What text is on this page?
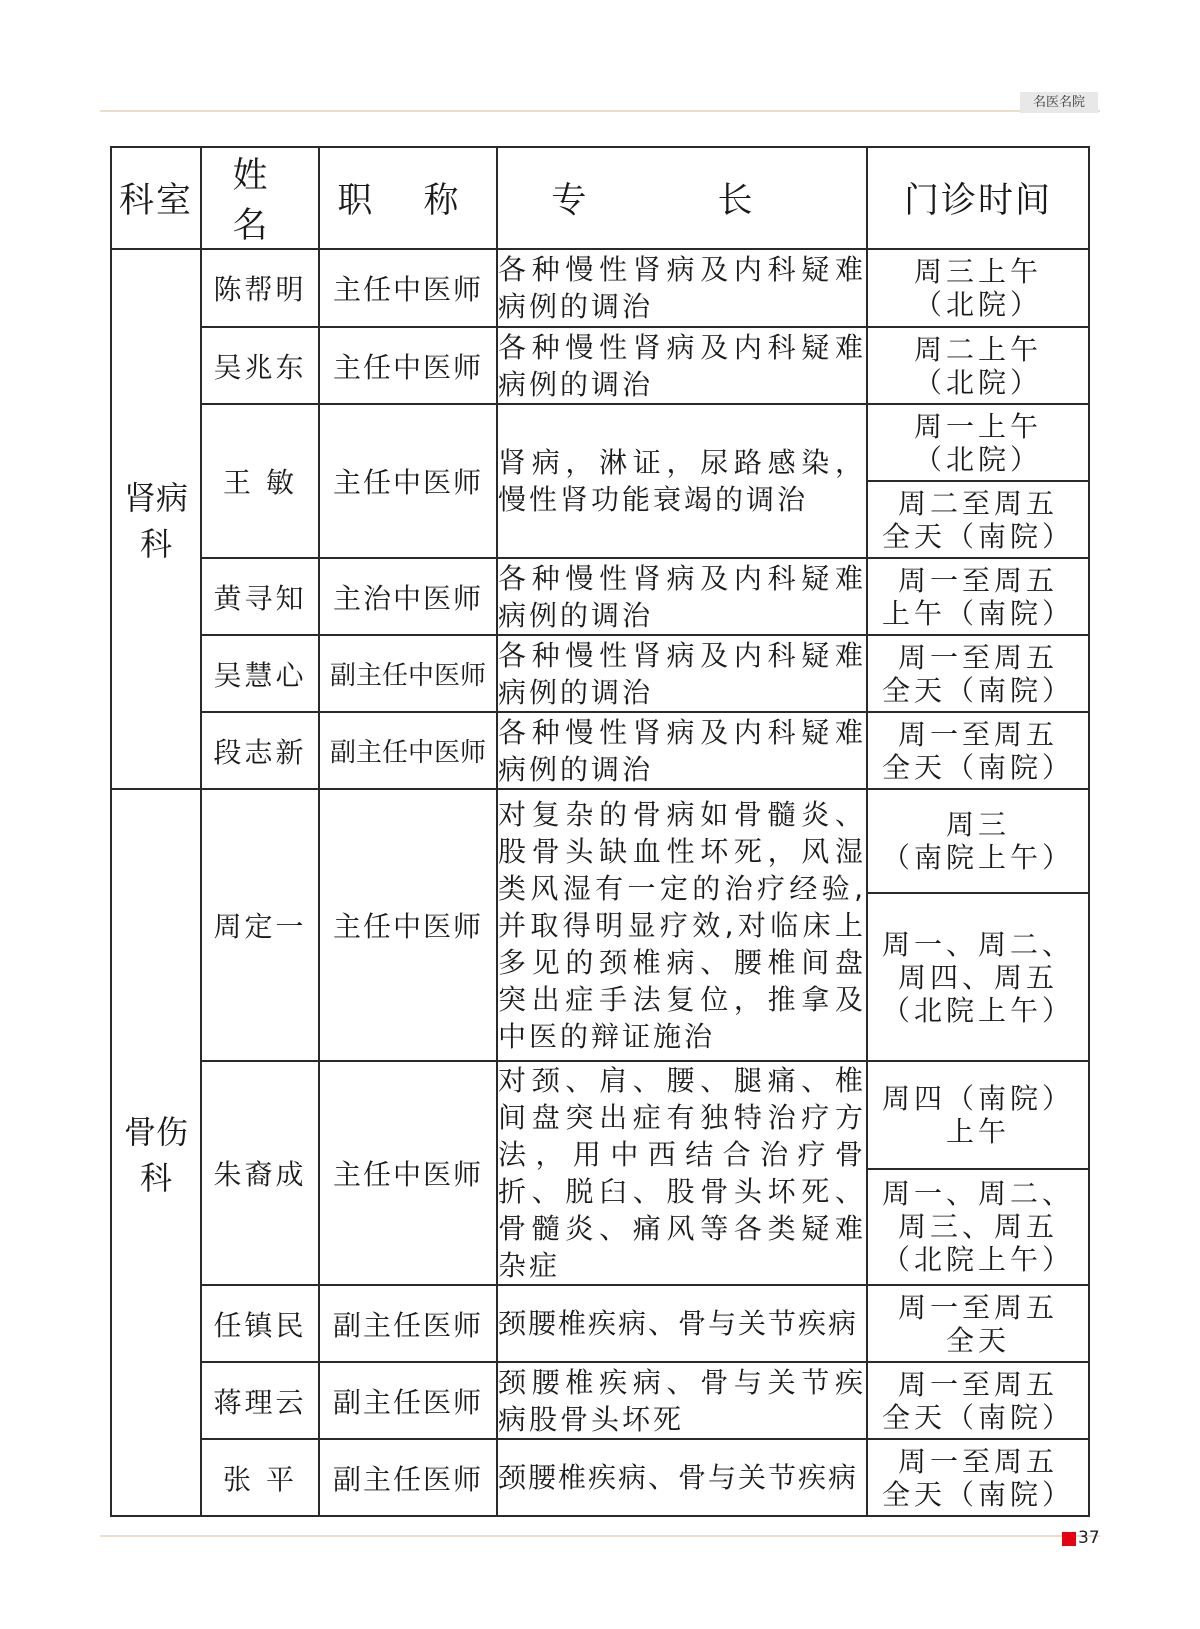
名医名院
科室	姓 名	职 称	专 长	门诊时间
肾病科	陈帮明	主任中医师	各种慢性肾病及内科疑难病例的调治	周三上午
（北院）
	吴兆东	主任中医师	各种慢性肾病及内科疑难病例的调治	周二上午
（北院）
	王 敏	主任中医师	肾病，淋证，尿路感染，慢性肾功能衰竭的调治	周一上午
（北院）
				周二至周五
全天（南院）
	黄寻知	主治中医师	各种慢性肾病及内科疑难病例的调治	周一至周五
上午（南院）
	吴慧心	副主任中医师	各种慢性肾病及内科疑难病例的调治	周一至周五
全天（南院）
	段志新	副主任中医师	各种慢性肾病及内科疑难病例的调治	周一至周五
全天（南院）
骨伤科	周定一	主任中医师	对复杂的骨病如骨髓炎、股骨头缺血性坏死，风湿类风湿有一定的治疗经验,并取得明显疗效,对临床上多见的颈椎病、腰椎间盘突出症手法复位，推拿及中医的辩证施治	周三
（南院上午）
				周一、周二、
周四、周五
（北院上午）
	朱裔成	主任中医师	对颈、肩、腰、腿痛、椎间盘突出症有独特治疗方法，用中西结合治疗骨折、脱臼、股骨头坏死、骨髓炎、痛风等各类疑难杂症	周四（南院）
上午
				周一、周二、
周三、周五
（北院上午）
	任镇民	副主任医师	颈腰椎疾病、骨与关节疾病	周一至周五
全天
	蒋理云	副主任医师	颈腰椎疾病、骨与关节疾病股骨头坏死	周一至周五
全天（南院）
	张 平	副主任医师	颈腰椎疾病、骨与关节疾病	周一至周五
全天（南院）
37
